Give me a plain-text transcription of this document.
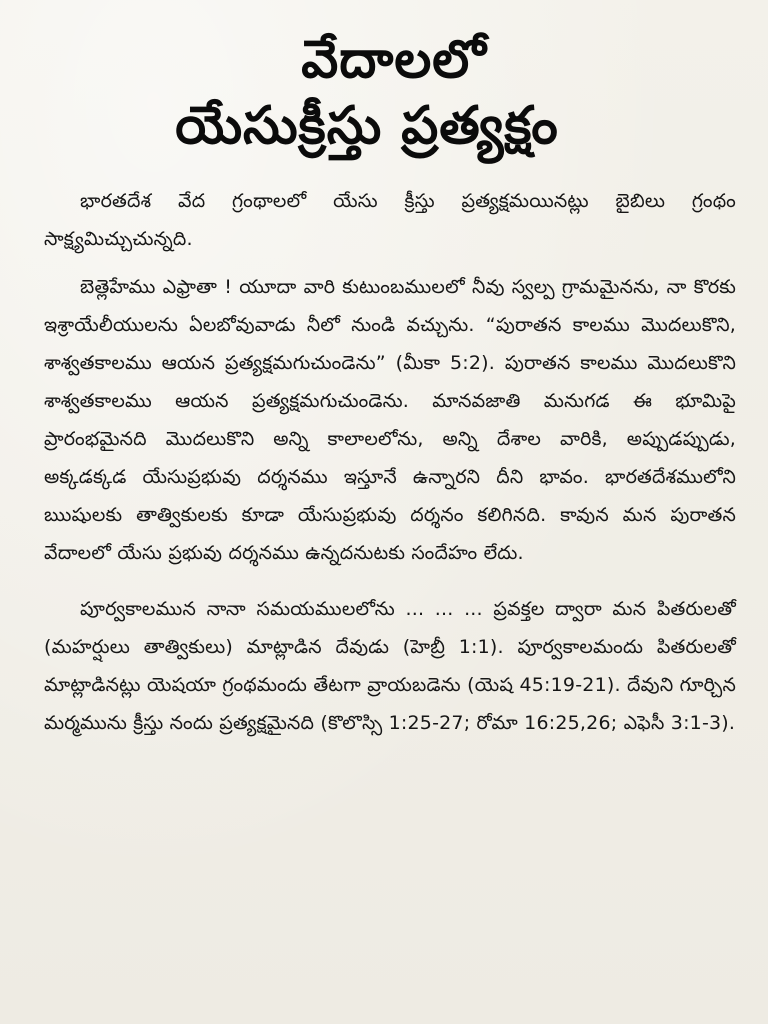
వేదాలలో
యేసుక్రీస్తు ప్రత్యక్షం

భారతదేశ వేద గ్రంథాలలో యేసు క్రీస్తు ప్రత్యక్షమయినట్లు బైబిలు గ్రంథం సాక్ష్యమిచ్చుచున్నది.

బెత్లెహేము ఎఫ్రాతా ! యూదా వారి కుటుంబములలో నీవు స్వల్ప గ్రామమైనను, నా కొరకు ఇశ్రాయేలీయులను ఏలబోవువాడు నీలో నుండి వచ్చును. “పురాతన కాలము మొదలుకొని, శాశ్వతకాలము ఆయన ప్రత్యక్షమగుచుండెను” (మీకా 5:2). పురాతన కాలము మొదలుకొని శాశ్వతకాలము ఆయన ప్రత్యక్షమగుచుండెను. మానవజాతి మనుగడ ఈ భూమిపై ప్రారంభమైనది మొదలుకొని అన్ని కాలాలలోను, అన్ని దేశాల వారికి, అప్పుడప్పుడు, అక్కడక్కడ యేసుప్రభువు దర్శనము ఇస్తూనే ఉన్నారని దీని భావం. భారతదేశములోని ఋషులకు తాత్వికులకు కూడా యేసుప్రభువు దర్శనం కలిగినది. కావున మన పురాతన వేదాలలో యేసు ప్రభువు దర్శనము ఉన్నదనుటకు సందేహం లేదు.

పూర్వకాలమున నానా సమయములలోను ... ... ... ప్రవక్తల ద్వారా మన పితరులతో (మహర్షులు తాత్వికులు) మాట్లాడిన దేవుడు (హెబ్రీ 1:1). పూర్వకాలమందు పితరులతో మాట్లాడినట్లు యెషయా గ్రంథమందు తేటగా వ్రాయబడెను (యెష 45:19-21). దేవుని గూర్చిన మర్మమును క్రీస్తు నందు ప్రత్యక్షమైనది (కొలొస్సి 1:25-27; రోమా 16:25,26; ఎఫెసీ 3:1-3).
